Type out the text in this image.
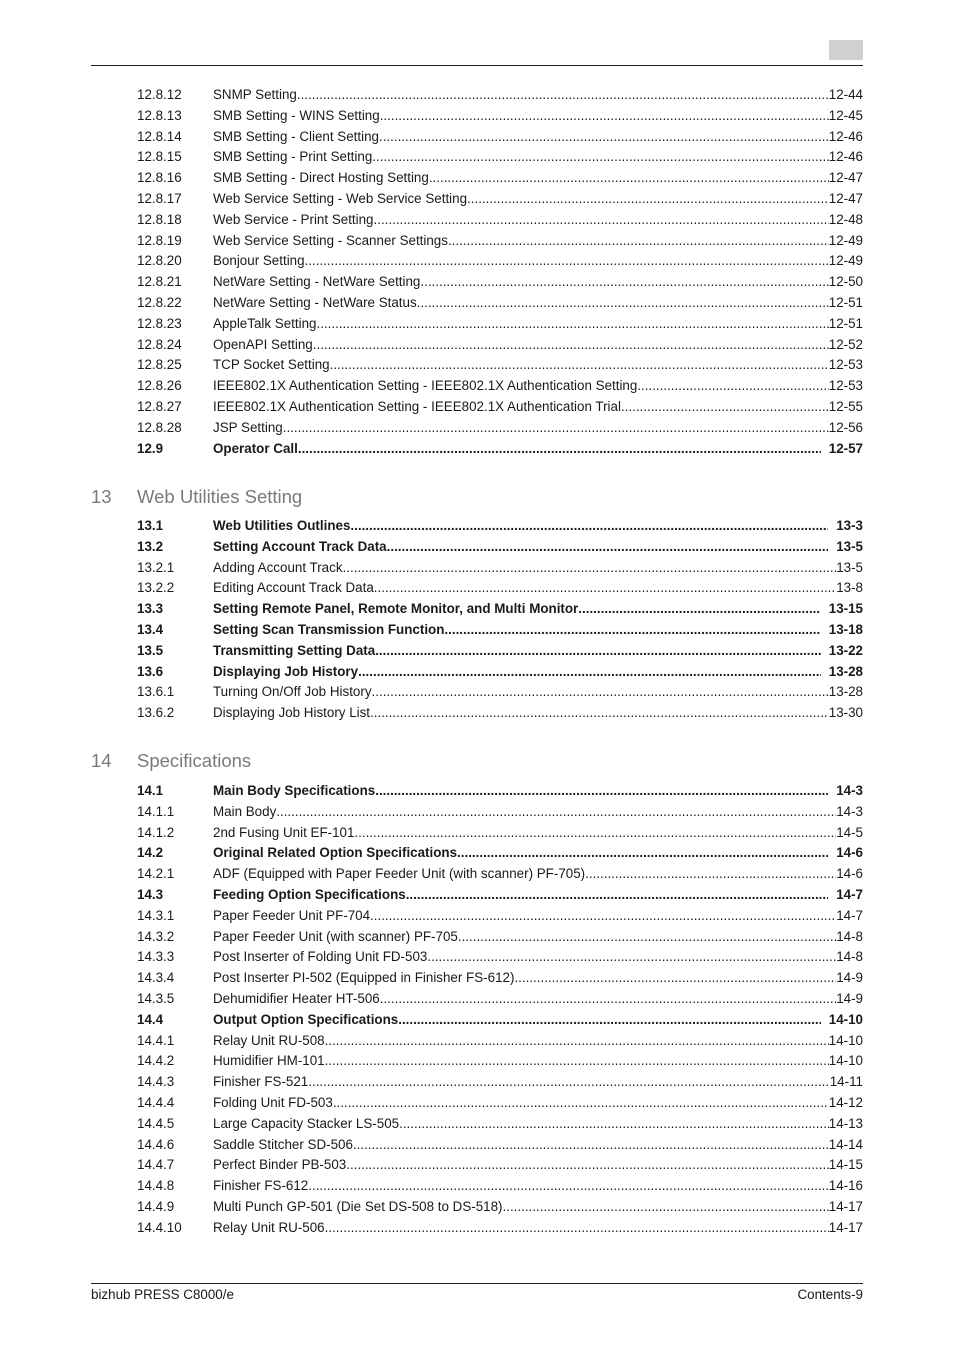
12.8.12 SNMP Setting .....	12-44
12.8.13 SMB Setting - WINS Setting .....	12-45
12.8.14 SMB Setting - Client Setting .....	12-46
12.8.15 SMB Setting - Print Setting .....	12-46
12.8.16 SMB Setting - Direct Hosting Setting .....	12-47
12.8.17 Web Service Setting - Web Service Setting .....	12-47
12.8.18 Web Service - Print Setting .....	12-48
12.8.19 Web Service Setting - Scanner Settings .....	12-49
12.8.20 Bonjour Setting .....	12-49
12.8.21 NetWare Setting - NetWare Setting .....	12-50
12.8.22 NetWare Setting - NetWare Status .....	12-51
12.8.23 AppleTalk Setting .....	12-51
12.8.24 OpenAPI Setting .....	12-52
12.8.25 TCP Socket Setting .....	12-53
12.8.26 IEEE802.1X Authentication Setting - IEEE802.1X Authentication Setting .....	12-53
12.8.27 IEEE802.1X Authentication Setting - IEEE802.1X Authentication Trial .....	12-55
12.8.28 JSP Setting .....	12-56
12.9	Operator Call .....	12-57
13 Web Utilities Setting
13.1	Web Utilities Outlines .....	13-3
13.2	Setting Account Track Data .....	13-5
13.2.1	Adding Account Track .....	13-5
13.2.2	Editing Account Track Data .....	13-8
13.3	Setting Remote Panel, Remote Monitor, and Multi Monitor .....	13-15
13.4	Setting Scan Transmission Function .....	13-18
13.5	Transmitting Setting Data .....	13-22
13.6	Displaying Job History .....	13-28
13.6.1	Turning On/Off Job History .....	13-28
13.6.2	Displaying Job History List .....	13-30
14 Specifications
14.1	Main Body Specifications .....	14-3
14.1.1	Main Body .....	14-3
14.1.2	2nd Fusing Unit EF-101 .....	14-5
14.2	Original Related Option Specifications .....	14-6
14.2.1	ADF (Equipped with Paper Feeder Unit (with scanner) PF-705) .....	14-6
14.3	Feeding Option Specifications .....	14-7
14.3.1	Paper Feeder Unit PF-704 .....	14-7
14.3.2	Paper Feeder Unit (with scanner) PF-705 .....	14-8
14.3.3	Post Inserter of Folding Unit FD-503 .....	14-8
14.3.4	Post Inserter PI-502 (Equipped in Finisher FS-612) .....	14-9
14.3.5	Dehumidifier Heater HT-506 .....	14-9
14.4	Output Option Specifications .....	14-10
14.4.1	Relay Unit RU-508 .....	14-10
14.4.2	Humidifier HM-101 .....	14-10
14.4.3	Finisher FS-521 .....	14-11
14.4.4	Folding Unit FD-503 .....	14-12
14.4.5	Large Capacity Stacker LS-505 .....	14-13
14.4.6	Saddle Stitcher SD-506 .....	14-14
14.4.7	Perfect Binder PB-503 .....	14-15
14.4.8	Finisher FS-612 .....	14-16
14.4.9	Multi Punch GP-501 (Die Set DS-508 to DS-518) .....	14-17
14.4.10 Relay Unit RU-506 .....	14-17
bizhub PRESS C8000/e	Contents-9
